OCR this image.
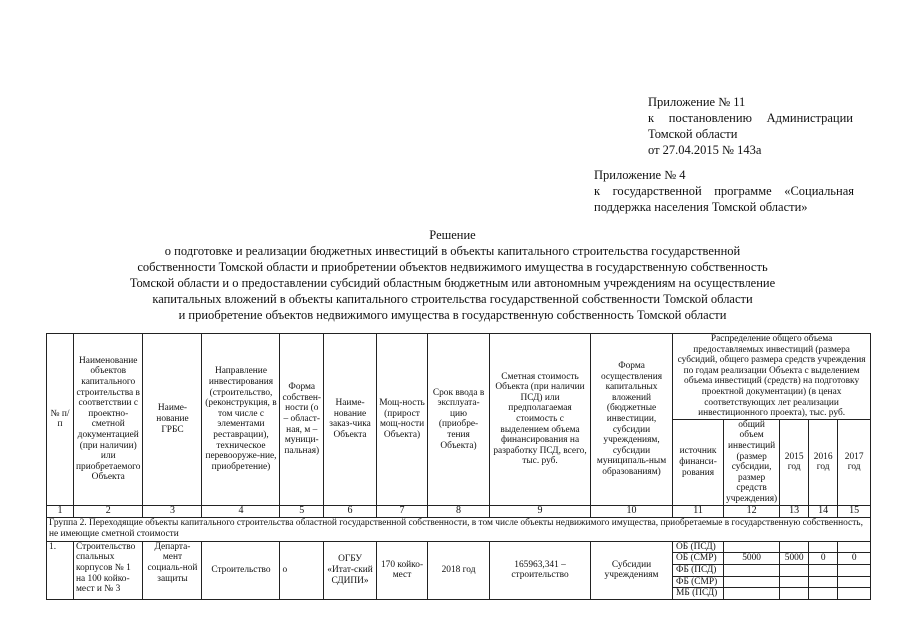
Приложение № 11
к постановлению Администрации
Томской области
от 27.04.2015 № 143а
Приложение № 4
к государственной программе «Социальная
поддержка населения Томской области»
Решение
о подготовке и реализации бюджетных инвестиций в объекты капитального строительства государственной
собственности Томской области и приобретении объектов недвижимого имущества в государственную собственность
Томской области и о предоставлении субсидий областным бюджетным или автономным учреждениям на осуществление
капитальных вложений в объекты капитального строительства государственной собственности Томской области
и приобретение объектов недвижимого имущества в государственную собственность Томской области
№ п/п	Наименование объектов капитального строительства в соответствии с проектно-сметной документацией (при наличии) или приобретаемого Объекта	Наиме-нование ГРБС	Направление инвестирования (строительство, (реконструкция, в том числе с элементами реставрации), техническое перевооруже-ние, приобретение)	Форма собствен-ности (о – област-ная, м – муници-пальная)	Наиме-нование заказ-чика Объекта	Мощ-ность (прирост мощ-ности Объекта)	Срок ввода в эксплуата-цию (приобре-тения Объекта)	Сметная стоимость Объекта (при наличии ПСД) или предполагаемая стоимость с выделением объема финансирования на разработку ПСД, всего, тыс. руб.	Форма осуществления капитальных вложений (бюджетные инвестиции, субсидии учреждениям, субсидии муниципаль-ным образованиям)	Распределение общего объема предоставляемых инвестиций (размера субсидий, общего размера средств учреждения по годам реализации Объекта с выделением объема инвестиций (средств) на подготовку проектной документации) (в ценах соответствующих лет реализации инвестиционного проекта), тыс. руб.				
										источник финанси-рования	общий объем инвестиций (размер субсидии, размер средств учреждения)	2015 год	2016 год	2017 год
1	2	3	4	5	6	7	8	9	10	11	12	13	14	15
Группа 2. Переходящие объекты капитального строительства областной государственной собственности, в том числе объекты недвижимого имущества, приобретаемые в государственную собственность, не имеющие сметной стоимости														
1.	Строительство спальных корпусов № 1 на 100 койко-мест и № 3	Департа-мент социаль-ной защиты	Строительство	о	ОГБУ «Итат-ский СДИПИ»	170 койко-мест	2018 год	165963,341 – строительство	Субсидии учреждениям	ОБ (ПСД)				
										ОБ (СМР)	5000	5000	0	0
										ФБ (ПСД)				
										ФБ (СМР)				
										МБ (ПСД)				
